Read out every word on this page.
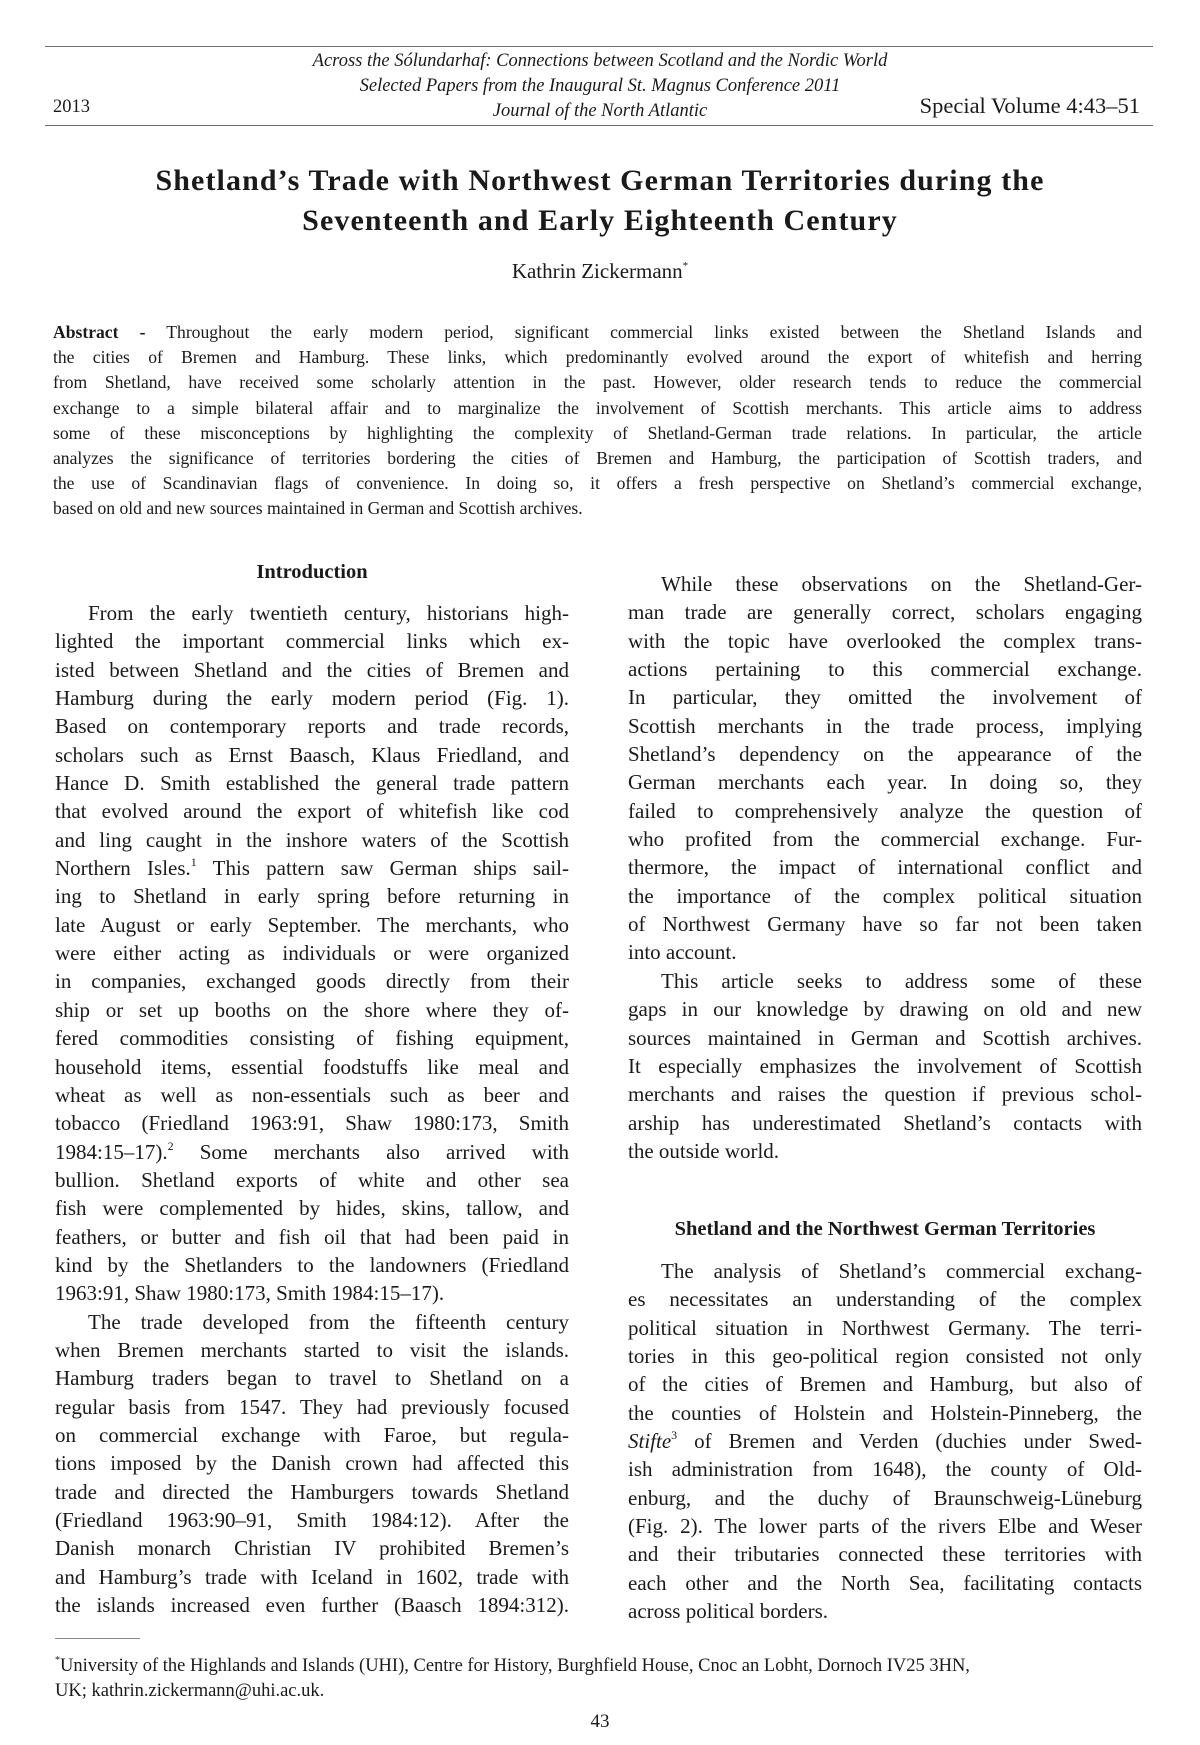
Across the Sólundarhaf: Connections between Scotland and the Nordic World
Selected Papers from the Inaugural St. Magnus Conference 2011
Journal of the North Atlantic
2013	Special Volume 4:43–51
Shetland’s Trade with Northwest German Territories during the
Seventeenth and Early Eighteenth Century
Kathrin Zickermann*
Abstract - Throughout the early modern period, significant commercial links existed between the Shetland Islands and
the cities of Bremen and Hamburg. These links, which predominantly evolved around the export of whitefish and herring
from Shetland, have received some scholarly attention in the past. However, older research tends to reduce the commercial
exchange to a simple bilateral affair and to marginalize the involvement of Scottish merchants. This article aims to address
some of these misconceptions by highlighting the complexity of Shetland-German trade relations. In particular, the article
analyzes the significance of territories bordering the cities of Bremen and Hamburg, the participation of Scottish traders, and
the use of Scandinavian flags of convenience. In doing so, it offers a fresh perspective on Shetland’s commercial exchange,
based on old and new sources maintained in German and Scottish archives.
Introduction
From the early twentieth century, historians high-
lighted the important commercial links which ex-
isted between Shetland and the cities of Bremen and
Hamburg during the early modern period (Fig. 1).
Based on contemporary reports and trade records,
scholars such as Ernst Baasch, Klaus Friedland, and
Hance D. Smith established the general trade pattern
that evolved around the export of whitefish like cod
and ling caught in the inshore waters of the Scottish
Northern Isles.$^1$ This pattern saw German ships sail-
ing to Shetland in early spring before returning in
late August or early September. The merchants, who
were either acting as individuals or were organized
in companies, exchanged goods directly from their
ship or set up booths on the shore where they of-
fered commodities consisting of fishing equipment,
household items, essential foodstuffs like meal and
wheat as well as non-essentials such as beer and
tobacco (Friedland 1963:91, Shaw 1980:173, Smith
1984:15–17).$^2$ Some merchants also arrived with
bullion. Shetland exports of white and other sea
fish were complemented by hides, skins, tallow, and
feathers, or butter and fish oil that had been paid in
kind by the Shetlanders to the landowners (Friedland
1963:91, Shaw 1980:173, Smith 1984:15–17).
The trade developed from the fifteenth century
when Bremen merchants started to visit the islands.
Hamburg traders began to travel to Shetland on a
regular basis from 1547. They had previously focused
on commercial exchange with Faroe, but regula-
tions imposed by the Danish crown had affected this
trade and directed the Hamburgers towards Shetland
(Friedland 1963:90–91, Smith 1984:12). After the
Danish monarch Christian IV prohibited Bremen’s
and Hamburg’s trade with Iceland in 1602, trade with
the islands increased even further (Baasch 1894:312).
While these observations on the Shetland-Ger-
man trade are generally correct, scholars engaging
with the topic have overlooked the complex trans-
actions pertaining to this commercial exchange.
In particular, they omitted the involvement of
Scottish merchants in the trade process, implying
Shetland’s dependency on the appearance of the
German merchants each year. In doing so, they
failed to comprehensively analyze the question of
who profited from the commercial exchange. Fur-
thermore, the impact of international conflict and
the importance of the complex political situation
of Northwest Germany have so far not been taken
into account.
This article seeks to address some of these
gaps in our knowledge by drawing on old and new
sources maintained in German and Scottish archives.
It especially emphasizes the involvement of Scottish
merchants and raises the question if previous schol-
arship has underestimated Shetland’s contacts with
the outside world.
Shetland and the Northwest German Territories
The analysis of Shetland’s commercial exchang-
es necessitates an understanding of the complex
political situation in Northwest Germany. The terri-
tories in this geo-political region consisted not only
of the cities of Bremen and Hamburg, but also of
the counties of Holstein and Holstein-Pinneberg, the
Stifte$^3$ of Bremen and Verden (duchies under Swed-
ish administration from 1648), the county of Old-
enburg, and the duchy of Braunschweig-Lüneburg
(Fig. 2). The lower parts of the rivers Elbe and Weser
and their tributaries connected these territories with
each other and the North Sea, facilitating contacts
across political borders.
*University of the Highlands and Islands (UHI), Centre for History, Burghfield House, Cnoc an Lobht, Dornoch IV25 3HN,
UK; kathrin.zickermann@uhi.ac.uk.
43
